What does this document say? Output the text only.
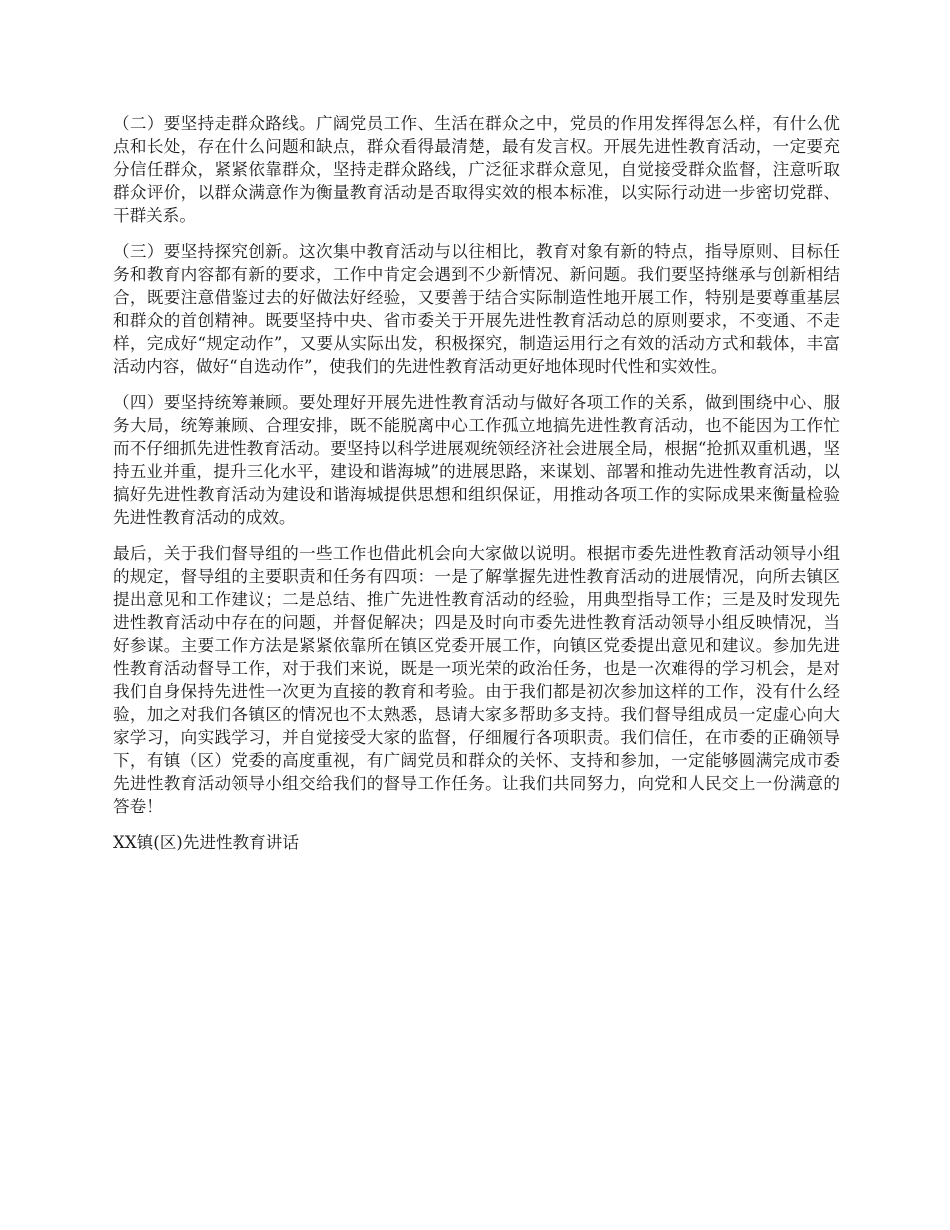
（二）要坚持走群众路线。广阔党员工作、生活在群众之中，党员的作用发挥得怎么样，有什么优点和长处，存在什么问题和缺点，群众看得最清楚，最有发言权。开展先进性教育活动，一定要充分信任群众，紧紧依靠群众，坚持走群众路线，广泛征求群众意见，自觉接受群众监督，注意听取群众评价，以群众满意作为衡量教育活动是否取得实效的根本标准，以实际行动进一步密切党群、干群关系。

（三）要坚持探究创新。这次集中教育活动与以往相比，教育对象有新的特点，指导原则、目标任务和教育内容都有新的要求，工作中肯定会遇到不少新情况、新问题。我们要坚持继承与创新相结合，既要注意借鉴过去的好做法好经验，又要善于结合实际制造性地开展工作，特别是要尊重基层和群众的首创精神。既要坚持中央、省市委关于开展先进性教育活动总的原则要求，不变通、不走样，完成好“规定动作”，又要从实际出发，积极探究，制造运用行之有效的活动方式和载体，丰富活动内容，做好“自选动作”，使我们的先进性教育活动更好地体现时代性和实效性。

（四）要坚持统筹兼顾。要处理好开展先进性教育活动与做好各项工作的关系，做到围绕中心、服务大局，统筹兼顾、合理安排，既不能脱离中心工作孤立地搞先进性教育活动，也不能因为工作忙而不仔细抓先进性教育活动。要坚持以科学进展观统领经济社会进展全局，根据“抢抓双重机遇，坚持五业并重，提升三化水平，建设和谐海城”的进展思路，来谋划、部署和推动先进性教育活动，以搞好先进性教育活动为建设和谐海城提供思想和组织保证，用推动各项工作的实际成果来衡量检验先进性教育活动的成效。

最后，关于我们督导组的一些工作也借此机会向大家做以说明。根据市委先进性教育活动领导小组的规定，督导组的主要职责和任务有四项：一是了解掌握先进性教育活动的进展情况，向所去镇区提出意见和工作建议；二是总结、推广先进性教育活动的经验，用典型指导工作；三是及时发现先进性教育活动中存在的问题，并督促解决；四是及时向市委先进性教育活动领导小组反映情况，当好参谋。主要工作方法是紧紧依靠所在镇区党委开展工作，向镇区党委提出意见和建议。参加先进性教育活动督导工作，对于我们来说，既是一项光荣的政治任务，也是一次难得的学习机会，是对我们自身保持先进性一次更为直接的教育和考验。由于我们都是初次参加这样的工作，没有什么经验，加之对我们各镇区的情况也不太熟悉，恳请大家多帮助多支持。我们督导组成员一定虚心向大家学习，向实践学习，并自觉接受大家的监督，仔细履行各项职责。我们信任，在市委的正确领导下，有镇（区）党委的高度重视，有广阔党员和群众的关怀、支持和参加，一定能够圆满完成市委先进性教育活动领导小组交给我们的督导工作任务。让我们共同努力，向党和人民交上一份满意的答卷！

XX镇(区)先进性教育讲话
